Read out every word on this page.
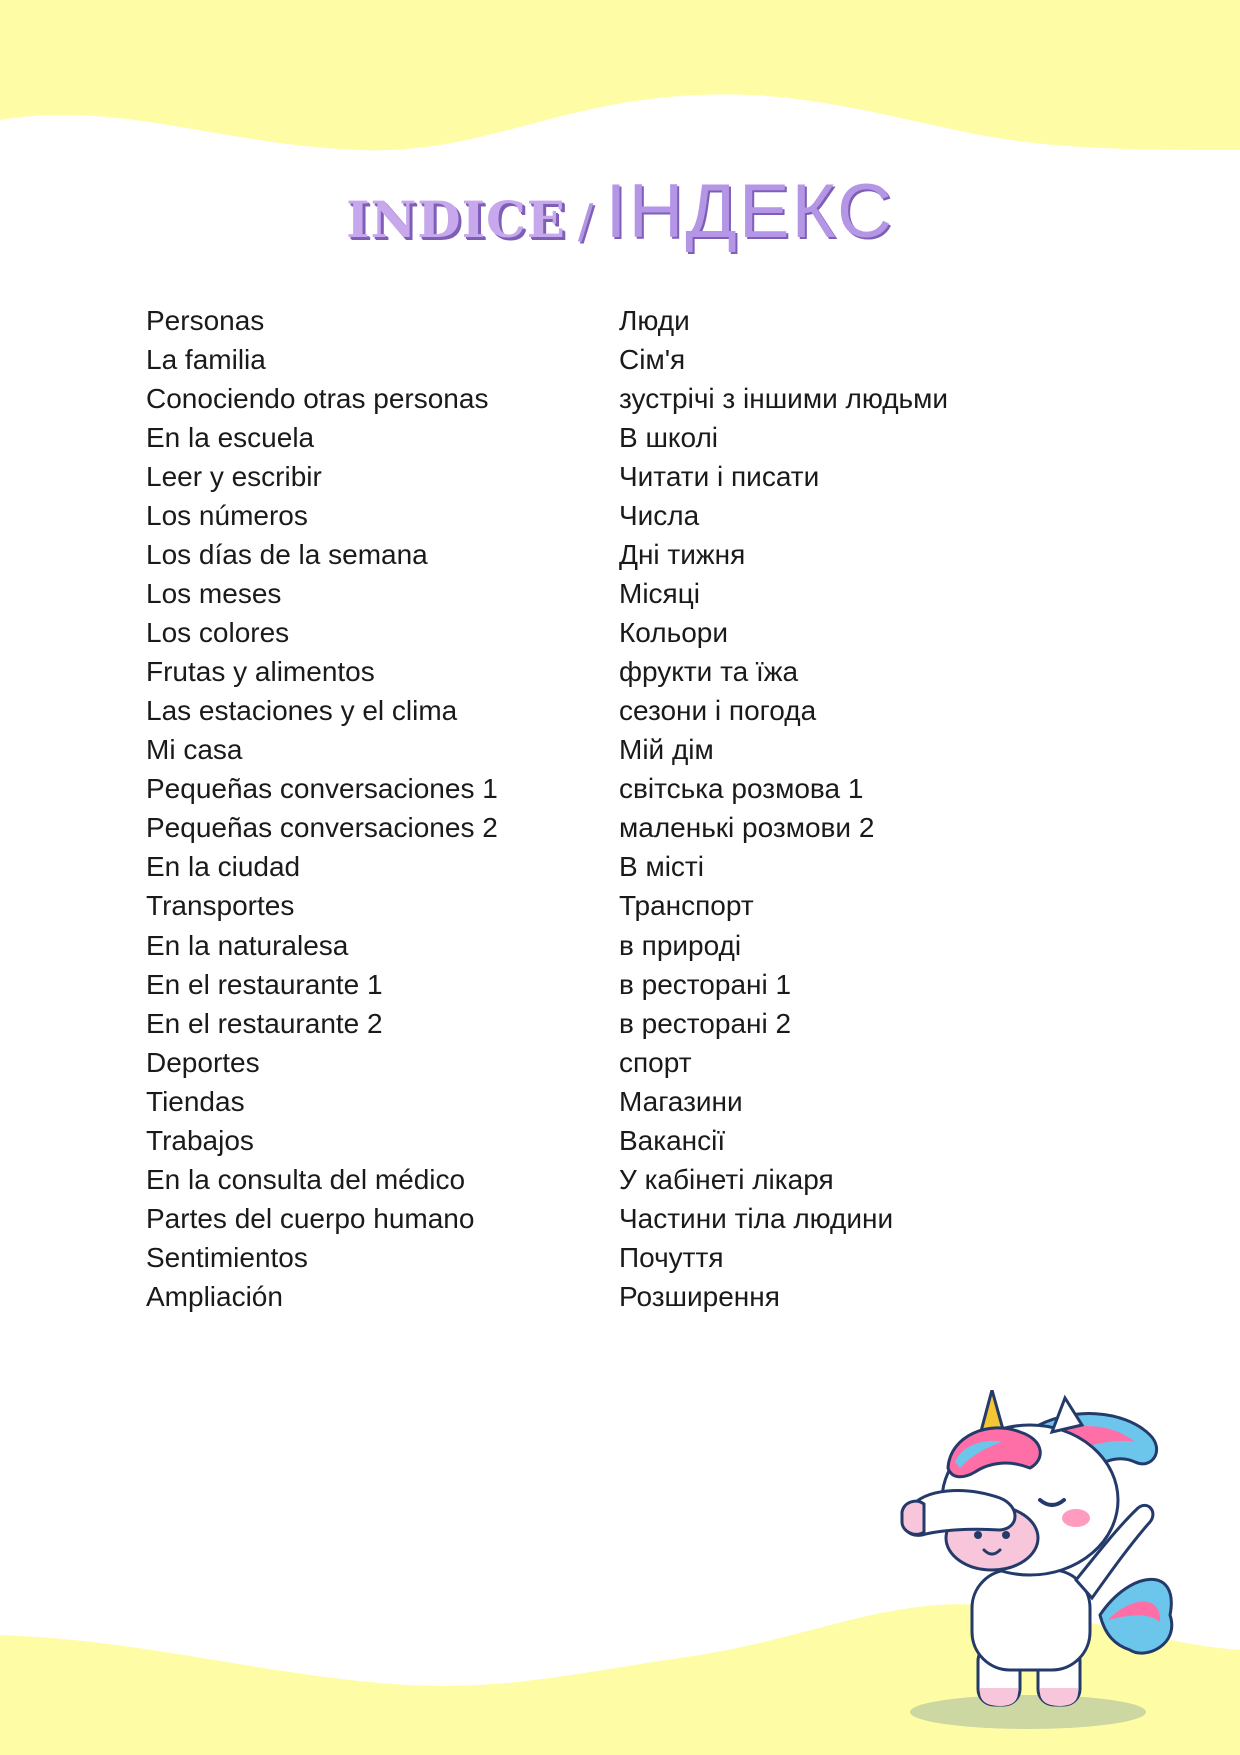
INDICE / ІНДЕКС
Personas
La familia
Conociendo otras personas
En la escuela
Leer y escribir
Los números
Los días de la semana
Los meses
Los colores
Frutas y alimentos
Las estaciones y el clima
Mi casa
Pequeñas conversaciones 1
Pequeñas conversaciones 2
En la ciudad
Transportes
En la naturalesa
En el restaurante 1
En el restaurante 2
Deportes
Tiendas
Trabajos
En la consulta del médico
Partes del cuerpo humano
Sentimientos
Ampliación
Люди
Сім'я
зустрічі з іншими людьми
В школі
Читати і писати
Числа
Дні тижня
Місяці
Кольори
фрукти та їжа
сезони і погода
Мій дім
світська розмова 1
маленькі розмови 2
В місті
Транспорт
в природі
в ресторані 1
в ресторані 2
спорт
Магазини
Вакансії
У кабінеті лікаря
Частини тіла людини
Почуття
Розширення
